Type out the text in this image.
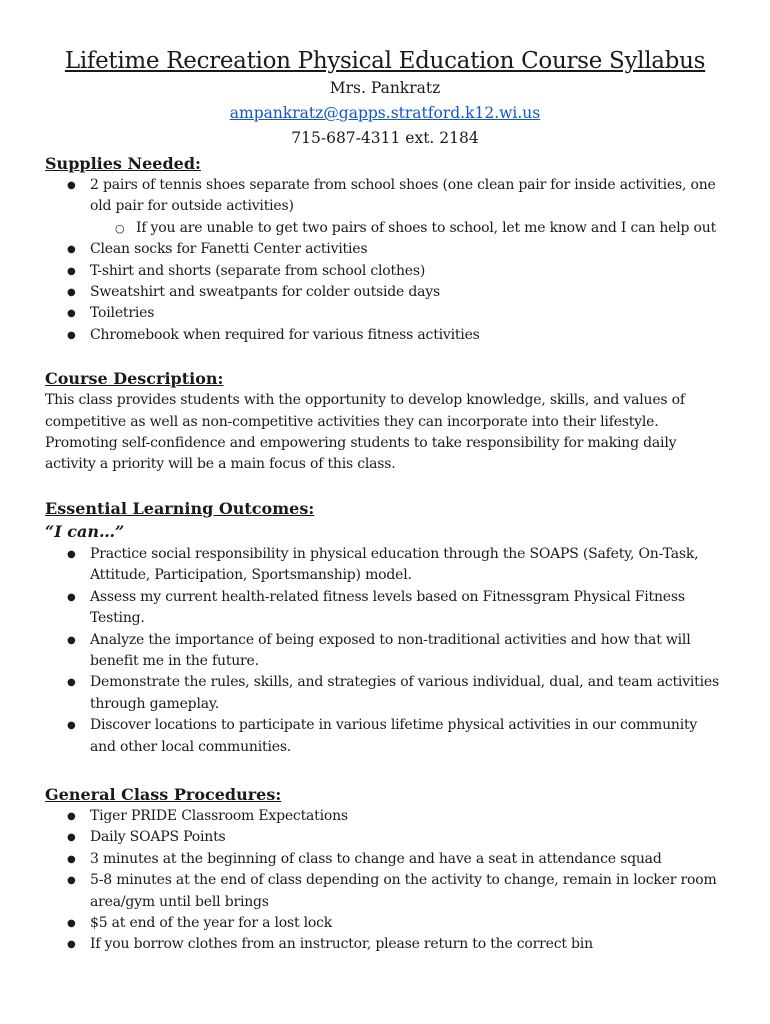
Lifetime Recreation Physical Education Course Syllabus

Mrs. Pankratz

ampankratz@gapps.stratford.k12.wi.us

715-687-4311 ext. 2184

Supplies Needed:
● 2 pairs of tennis shoes separate from school shoes (one clean pair for inside activities, one old pair for outside activities)
○ If you are unable to get two pairs of shoes to school, let me know and I can help out
● Clean socks for Fanetti Center activities
● T-shirt and shorts (separate from school clothes)
● Sweatshirt and sweatpants for colder outside days
● Toiletries
● Chromebook when required for various fitness activities
Course Description:

This class provides students with the opportunity to develop knowledge, skills, and values of competitive as well as non-competitive activities they can incorporate into their lifestyle. Promoting self-confidence and empowering students to take responsibility for making daily activity a priority will be a main focus of this class.

Essential Learning Outcomes:

“I can…”

● Practice social responsibility in physical education through the SOAPS (Safety, On-Task, Attitude, Participation, Sportsmanship) model.
● Assess my current health-related fitness levels based on Fitnessgram Physical Fitness Testing.
● Analyze the importance of being exposed to non-traditional activities and how that will benefit me in the future.
● Demonstrate the rules, skills, and strategies of various individual, dual, and team activities through gameplay.
● Discover locations to participate in various lifetime physical activities in our community and other local communities.
General Class Procedures:
● Tiger PRIDE Classroom Expectations
● Daily SOAPS Points
● 3 minutes at the beginning of class to change and have a seat in attendance squad
● 5-8 minutes at the end of class depending on the activity to change, remain in locker room area/gym until bell brings
● $5 at end of the year for a lost lock
● If you borrow clothes from an instructor, please return to the correct bin
